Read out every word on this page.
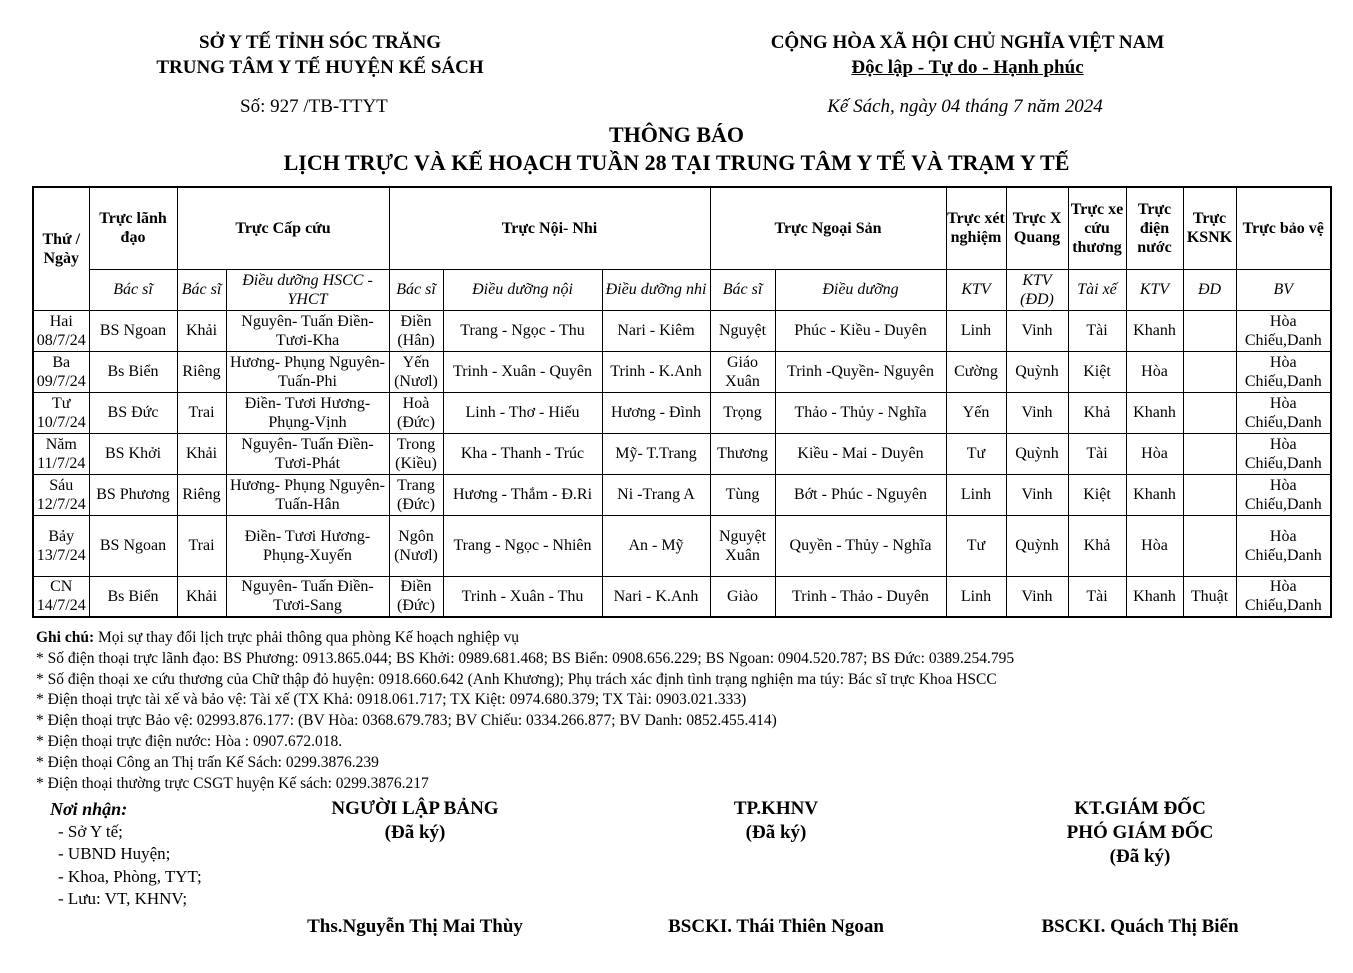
SỞ Y TẾ TỈNH SÓC TRĂNG
TRUNG TÂM Y TẾ HUYỆN KẾ SÁCH
CỘNG HÒA XÃ HỘI CHỦ NGHĨA VIỆT NAM
Độc lập - Tự do - Hạnh phúc
Số: 927 /TB-TTYT	Kế Sách, ngày 04 tháng 7 năm 2024
THÔNG BÁO
LỊCH TRỰC VÀ KẾ HOẠCH TUẦN 28 TẠI TRUNG TÂM Y TẾ VÀ TRẠM Y TẾ
Thứ / Ngày	Trực lãnh đạo	Trực Cấp cứu		Trực Nội- Nhi			Trực Ngoại Sản		Trực xét nghiệm	Trực X Quang	Trực xe cứu thương	Trực điện nước	Trực KSNK	Trực bảo vệ
	Bác sĩ	Bác sĩ	Điều dưỡng HSCC - YHCT	Bác sĩ	Điều dưỡng nội	Điều dưỡng nhi	Bác sĩ	Điều dưỡng	KTV	KTV (ĐD)	Tài xế	KTV	ĐD	BV

Hai
08/7/24	BS Ngoan	Khải	Nguyên- Tuấn Điền- Tươi-Kha	Điền (Hân)	Trang - Ngọc - Thu	Nari - Kiêm	Nguyệt	Phúc - Kiều - Duyên	Linh	Vinh	Tài	Khanh		Hòa Chiếu,Danh

Ba
09/7/24	Bs Biển	Riêng	Hương- Phụng Nguyên- Tuấn-Phi	Yến (Nươl)	Trinh - Xuân - Quyên	Trinh - K.Anh	Giáo Xuân	Trinh -Quyền- Nguyên	Cường	Quỳnh	Kiệt	Hòa		Hòa Chiếu,Danh

Tư
10/7/24	BS Đức	Trai	Điền- Tươi Hương- Phụng-Vịnh	Hoà (Đức)	Linh - Thơ - Hiếu	Hương - Đình	Trọng	Thảo - Thủy - Nghĩa	Yến	Vinh	Khả	Khanh		Hòa Chiếu,Danh

Năm
11/7/24	BS Khởi	Khải	Nguyên- Tuấn Điền- Tươi-Phát	Trong (Kiều)	Kha - Thanh - Trúc	Mỹ- T.Trang	Thương	Kiều - Mai - Duyên	Tư	Quỳnh	Tài	Hòa		Hòa Chiếu,Danh

Sáu
12/7/24	BS Phương	Riêng	Hương- Phụng Nguyên- Tuấn-Hân	Trang (Đức)	Hương - Thắm - Đ.Ri	Ni -Trang A	Tùng	Bớt - Phúc - Nguyên	Linh	Vinh	Kiệt	Khanh		Hòa Chiếu,Danh

Bảy
13/7/24	BS Ngoan	Trai	Điền- Tươi Hương- Phụng-Xuyến	Ngôn (Nươl)	Trang - Ngọc - Nhiên	An - Mỹ	Nguyệt Xuân	Quyền - Thủy - Nghĩa	Tư	Quỳnh	Khả	Hòa		Hòa Chiếu,Danh

CN
14/7/24	Bs Biển	Khải	Nguyên- Tuấn Điền- Tươi-Sang	Điền (Đức)	Trinh - Xuân - Thu	Nari - K.Anh	Giào	Trinh - Thảo - Duyên	Linh	Vinh	Tài	Khanh	Thuật	Hòa Chiếu,Danh
Ghi chú: Mọi sự thay đổi lịch trực phải thông qua phòng Kế hoạch nghiệp vụ
* Số điện thoại trực lãnh đạo: BS Phương: 0913.865.044; BS Khởi: 0989.681.468; BS Biển: 0908.656.229; BS Ngoan: 0904.520.787; BS Đức: 0389.254.795
* Số điện thoại xe cứu thương của Chữ thập đỏ huyện: 0918.660.642 (Anh Khương); Phụ trách xác định tình trạng nghiện ma túy: Bác sĩ trực Khoa HSCC
* Điện thoại trực tài xế và bảo vệ: Tài xế (TX Khả: 0918.061.717; TX Kiệt: 0974.680.379; TX Tài: 0903.021.333)
* Điện thoại trực Bảo vệ: 02993.876.177: (BV Hòa: 0368.679.783; BV Chiếu: 0334.266.877; BV Danh: 0852.455.414)
* Điện thoại trực điện nước: Hòa : 0907.672.018.
* Điện thoại Công an Thị trấn Kế Sách: 0299.3876.239
* Điện thoại thường trực CSGT huyện Kế sách: 0299.3876.217
Nơi nhận:
- Sở Y tế;
- UBND Huyện;
- Khoa, Phòng, TYT;
- Lưu: VT, KHNV;
NGƯỜI LẬP BẢNG
(Đã ký)
Ths.Nguyễn Thị Mai Thùy
TP.KHNV
(Đã ký)
BSCKI. Thái Thiên Ngoan
KT.GIÁM ĐỐC
PHÓ GIÁM ĐỐC
(Đã ký)
BSCKI. Quách Thị Biển
